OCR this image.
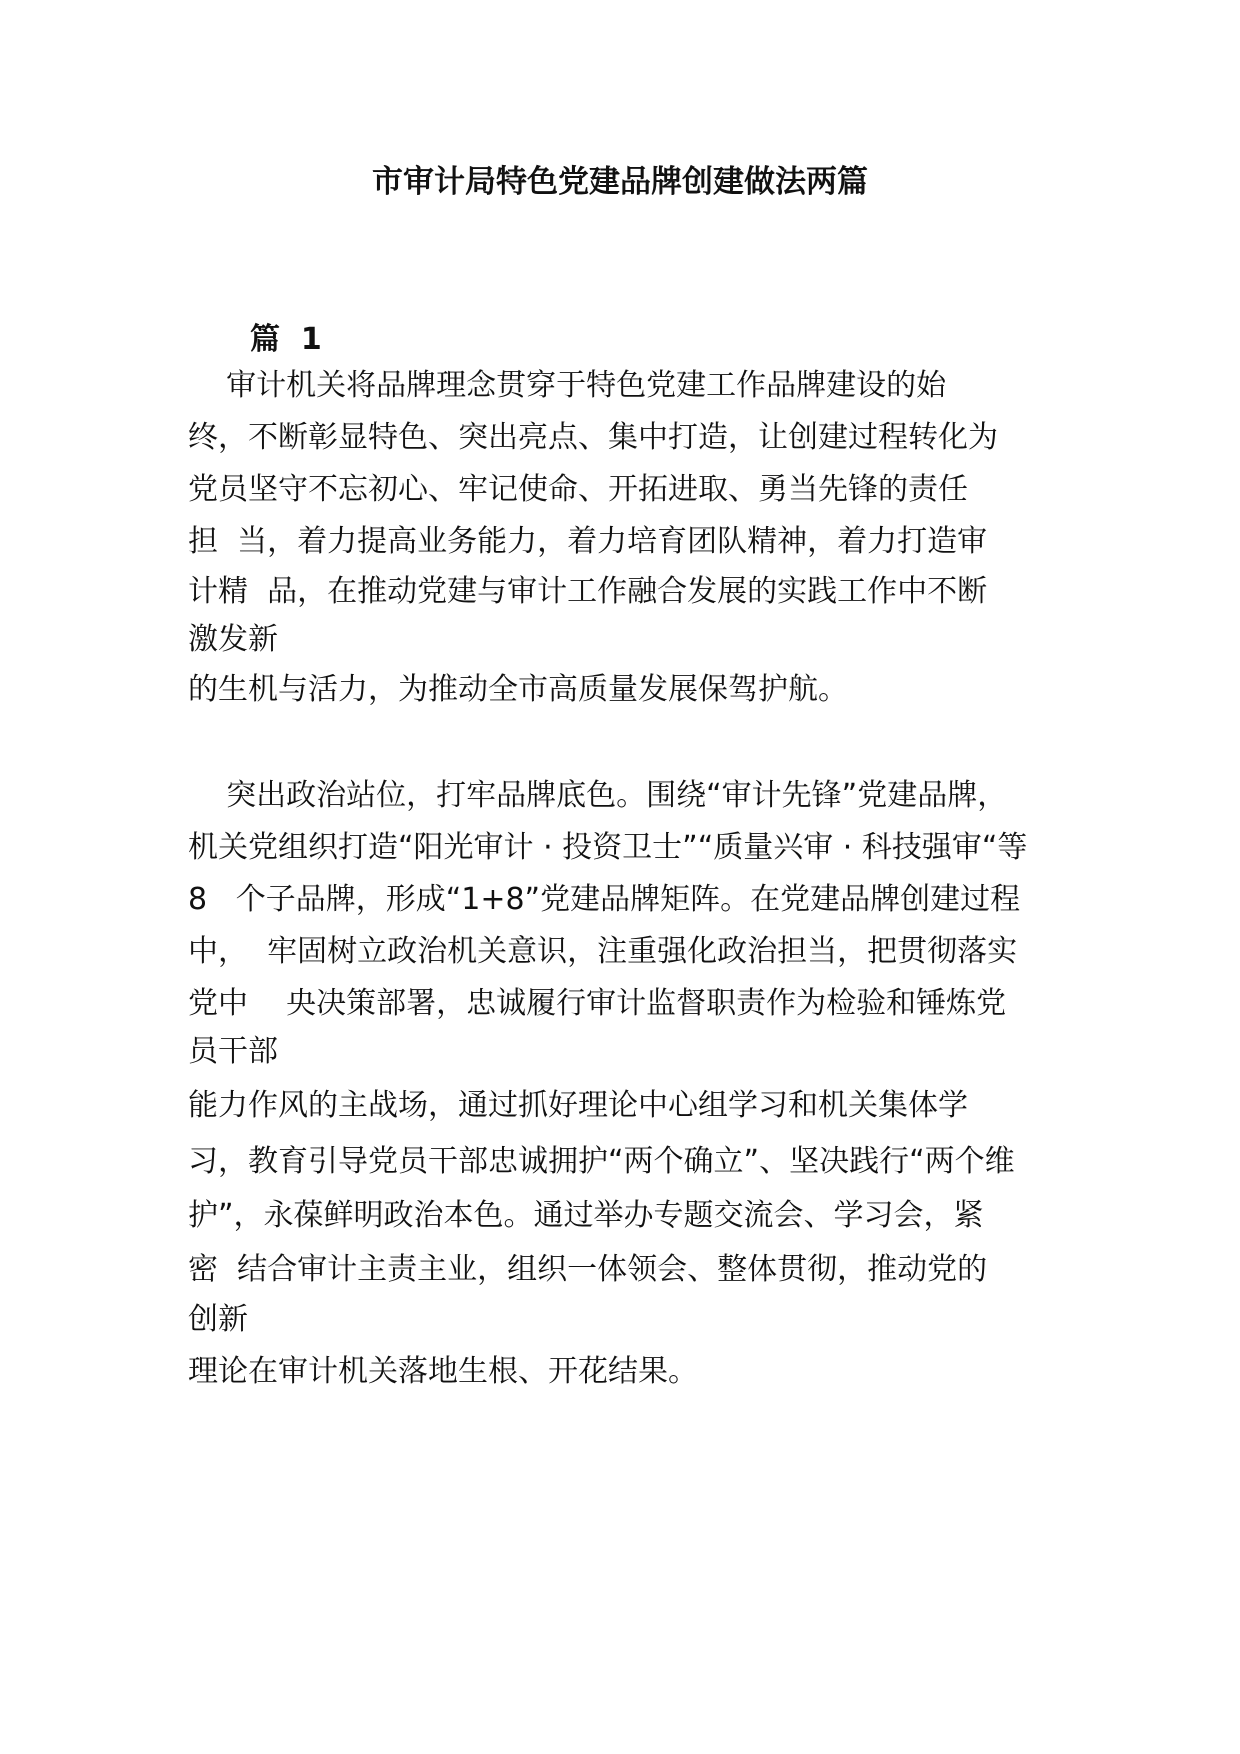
市审计局特色党建品牌创建做法两篇
篇  1

审计机关将品牌理念贯穿于特色党建工作品牌建设的始

终，不断彰显特色、突出亮点、集中打造，让创建过程转化为

党员坚守不忘初心、牢记使命、开拓进取、勇当先锋的责任

担  当，着力提高业务能力，着力培育团队精神，着力打造审

计精  品，在推动党建与审计工作融合发展的实践工作中不断

激发新

的生机与活力，为推动全市高质量发展保驾护航。

突出政治站位，打牢品牌底色。围绕“审计先锋”党建品牌，

机关党组织打造“阳光审计 · 投资卫士”“质量兴审 · 科技强审“等

8   个子品牌，形成“1+8”党建品牌矩阵。在党建品牌创建过程

中，  牢固树立政治机关意识，注重强化政治担当，把贯彻落实

党中    央决策部署，忠诚履行审计监督职责作为检验和锤炼党

员干部

能力作风的主战场，通过抓好理论中心组学习和机关集体学

习，教育引导党员干部忠诚拥护“两个确立”、坚决践行“两个维

护”，永葆鲜明政治本色。通过举办专题交流会、学习会，紧

密  结合审计主责主业，组织一体领会、整体贯彻，推动党的

创新

理论在审计机关落地生根、开花结果。
